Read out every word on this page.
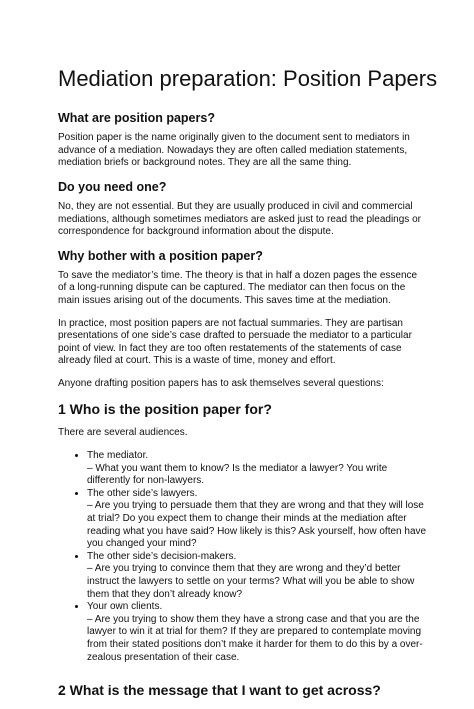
Mediation preparation: Position Papers
What are position papers?

Position paper is the name originally given to the document sent to mediators in advance of a mediation. Nowadays they are often called mediation statements, mediation briefs or background notes. They are all the same thing.

Do you need one?

No, they are not essential. But they are usually produced in civil and commercial mediations, although sometimes mediators are asked just to read the pleadings or correspondence for background information about the dispute.

Why bother with a position paper?

To save the mediator’s time. The theory is that in half a dozen pages the essence of a long-running dispute can be captured. The mediator can then focus on the main issues arising out of the documents. This saves time at the mediation.

In practice, most position papers are not factual summaries. They are partisan presentations of one side’s case drafted to persuade the mediator to a particular point of view. In fact they are too often restatements of the statements of case already filed at court. This is a waste of time, money and effort.

Anyone drafting position papers has to ask themselves several questions:

1 Who is the position paper for?

There are several audiences.

• The mediator.
– What you want them to know? Is the mediator a lawyer? You write differently for non-lawyers.
• The other side’s lawyers.
– Are you trying to persuade them that they are wrong and that they will lose at trial? Do you expect them to change their minds at the mediation after reading what you have said? How likely is this? Ask yourself, how often have you changed your mind?
• The other side’s decision-makers.
– Are you trying to convince them that they are wrong and they’d better instruct the lawyers to settle on your terms? What will you be able to show them that they don’t already know?
• Your own clients.
– Are you trying to show them they have a strong case and that you are the lawyer to win it at trial for them? If they are prepared to contemplate moving from their stated positions don’t make it harder for them to do this by a over-zealous presentation of their case.
2 What is the message that I want to get across?
